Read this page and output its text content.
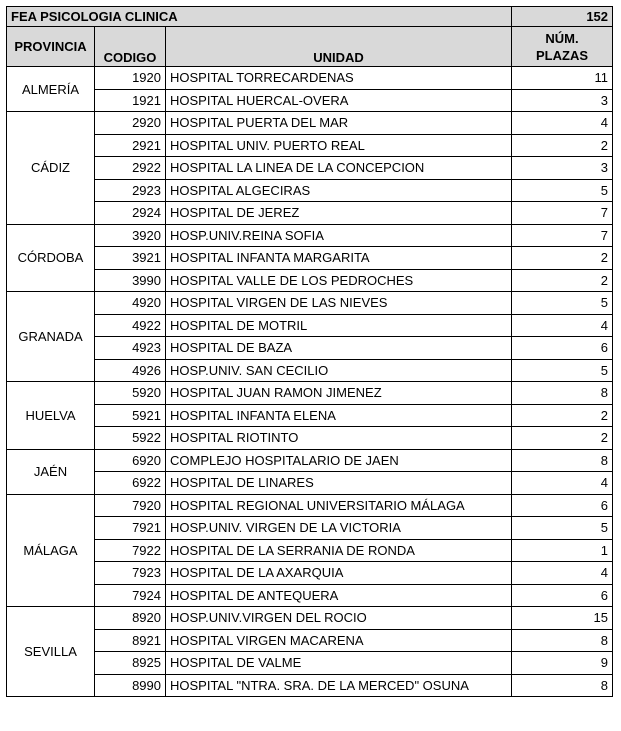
FEA PSICOLOGIA CLINICA			152
PROVINCIA	CODIGO	UNIDAD	NÚM.
PLAZAS
ALMERÍA	1920	HOSPITAL TORRECARDENAS	11
	1921	HOSPITAL HUERCAL-OVERA	3
CÁDIZ	2920	HOSPITAL PUERTA DEL MAR	4
	2921	HOSPITAL UNIV. PUERTO REAL	2
	2922	HOSPITAL LA LINEA DE LA CONCEPCION	3
	2923	HOSPITAL ALGECIRAS	5
	2924	HOSPITAL DE JEREZ	7
CÓRDOBA	3920	HOSP.UNIV.REINA SOFIA	7
	3921	HOSPITAL INFANTA MARGARITA	2
	3990	HOSPITAL VALLE DE LOS PEDROCHES	2
GRANADA	4920	HOSPITAL VIRGEN DE LAS NIEVES	5
	4922	HOSPITAL DE MOTRIL	4
	4923	HOSPITAL DE BAZA	6
	4926	HOSP.UNIV. SAN CECILIO	5
HUELVA	5920	HOSPITAL JUAN RAMON JIMENEZ	8
	5921	HOSPITAL INFANTA ELENA	2
	5922	HOSPITAL RIOTINTO	2
JAÉN	6920	COMPLEJO HOSPITALARIO DE JAEN	8
	6922	HOSPITAL DE LINARES	4
MÁLAGA	7920	HOSPITAL REGIONAL UNIVERSITARIO MÁLAGA	6
	7921	HOSP.UNIV. VIRGEN DE LA VICTORIA	5
	7922	HOSPITAL DE LA SERRANIA DE RONDA	1
	7923	HOSPITAL DE LA AXARQUIA	4
	7924	HOSPITAL DE ANTEQUERA	6
SEVILLA	8920	HOSP.UNIV.VIRGEN DEL ROCIO	15
	8921	HOSPITAL VIRGEN MACARENA	8
	8925	HOSPITAL DE VALME	9
	8990	HOSPITAL "NTRA. SRA. DE LA MERCED" OSUNA	8
